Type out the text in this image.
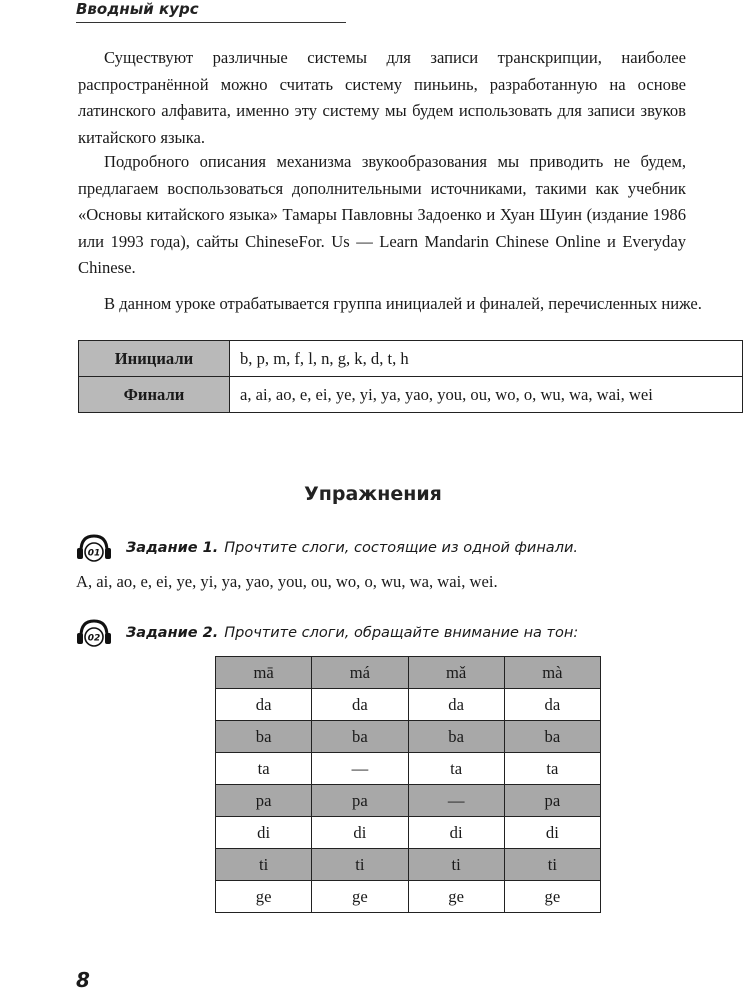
Вводный курс

Существуют различные системы для записи транскрипции, наиболее распространённой можно считать систему пиньинь, разработанную на основе латинского алфавита, именно эту систему мы будем использовать для записи звуков китайского языка.

Подробного описания механизма звукообразования мы приводить не будем, предлагаем воспользоваться дополнительными источниками, такими как учебник «Основы китайского языка» Тамары Павловны Задоенко и Хуан Шуин (издание 1986 или 1993 года), сайты ChineseFor. Us — Learn Mandarin Chinese Online и Everyday Chinese.

В данном уроке отрабатывается группа инициалей и финалей, перечисленных ниже.

Инициали	b, p, m, f, l, n, g, k, d, t, h
Финали	a, ai, ao, e, ei, ye, yi, ya, yao, you, ou, wo, o, wu, wa, wai, wei
Упражнения
01 Задание 1. Прочтите слоги, состоящие из одной финали.
A, ai, ao, e, ei, ye, yi, ya, yao, you, ou, wo, o, wu, wa, wai, wei.
02 Задание 2. Прочтите слоги, обращайте внимание на тон:
mā	má	mǎ	mà
da	da	da	da
ba	ba	ba	ba
ta	—	ta	ta
pa	pa	—	pa
di	di	di	di
ti	ti	ti	ti
ge	ge	ge	ge
8
